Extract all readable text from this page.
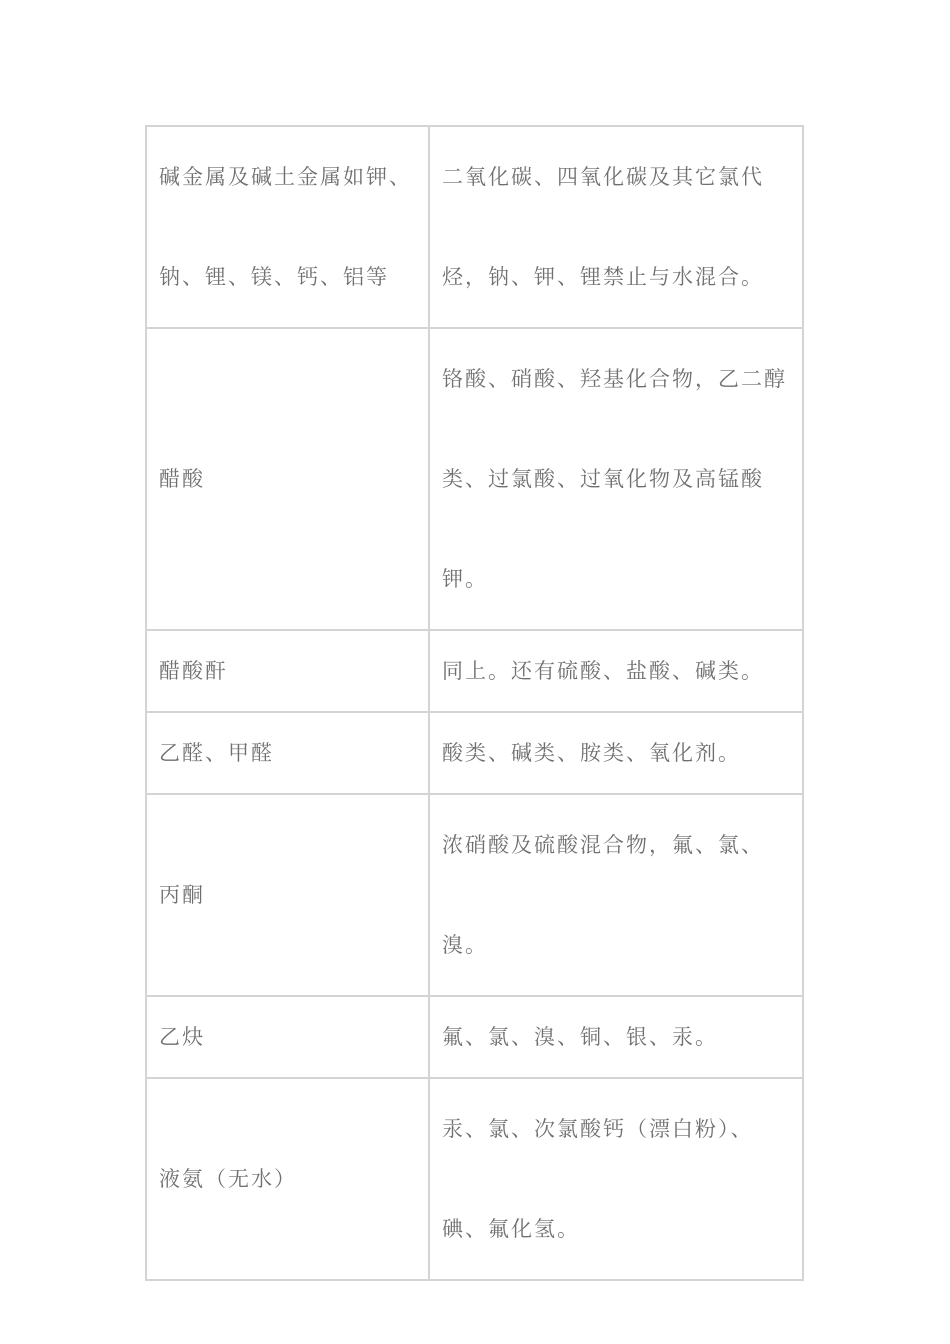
碱金属及碱土金属如钾、
钠、锂、镁、钙、铝等	二氧化碳、四氧化碳及其它氯代
烃，钠、钾、锂禁止与水混合。

醋酸	铬酸、硝酸、羟基化合物，乙二醇
类、过氯酸、过氧化物及高锰酸
钾。

醋酸酐	同上。还有硫酸、盐酸、碱类。

乙醛、甲醛	酸类、碱类、胺类、氧化剂。

丙酮	浓硝酸及硫酸混合物，氟、氯、
溴。

乙炔	氟、氯、溴、铜、银、汞。

液氨（无水）	汞、氯、次氯酸钙（漂白粉）、
碘、氟化氢。
